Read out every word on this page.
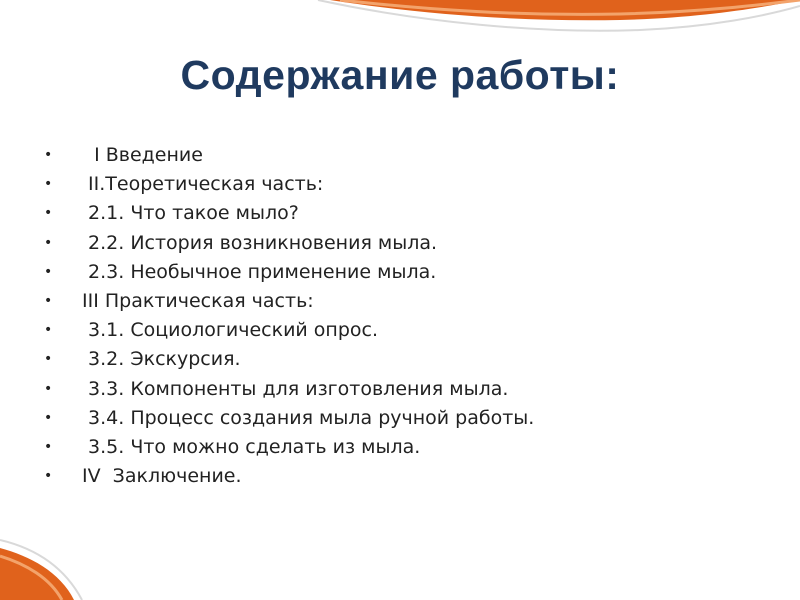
Содержание работы:

•

I Введение

•

II.Теоретическая часть:

•

2.1. Что такое мыло?

•

2.2. История возникновения мыла.

•

2.3. Необычное применение мыла.

•

III Практическая часть:

•

3.1. Социологический опрос.

•

3.2. Экскурсия.

•

3.3. Компоненты для изготовления мыла.

•

3.4. Процесс создания мыла ручной работы.

•

3.5. Что можно сделать из мыла.

•

IV  Заключение.
